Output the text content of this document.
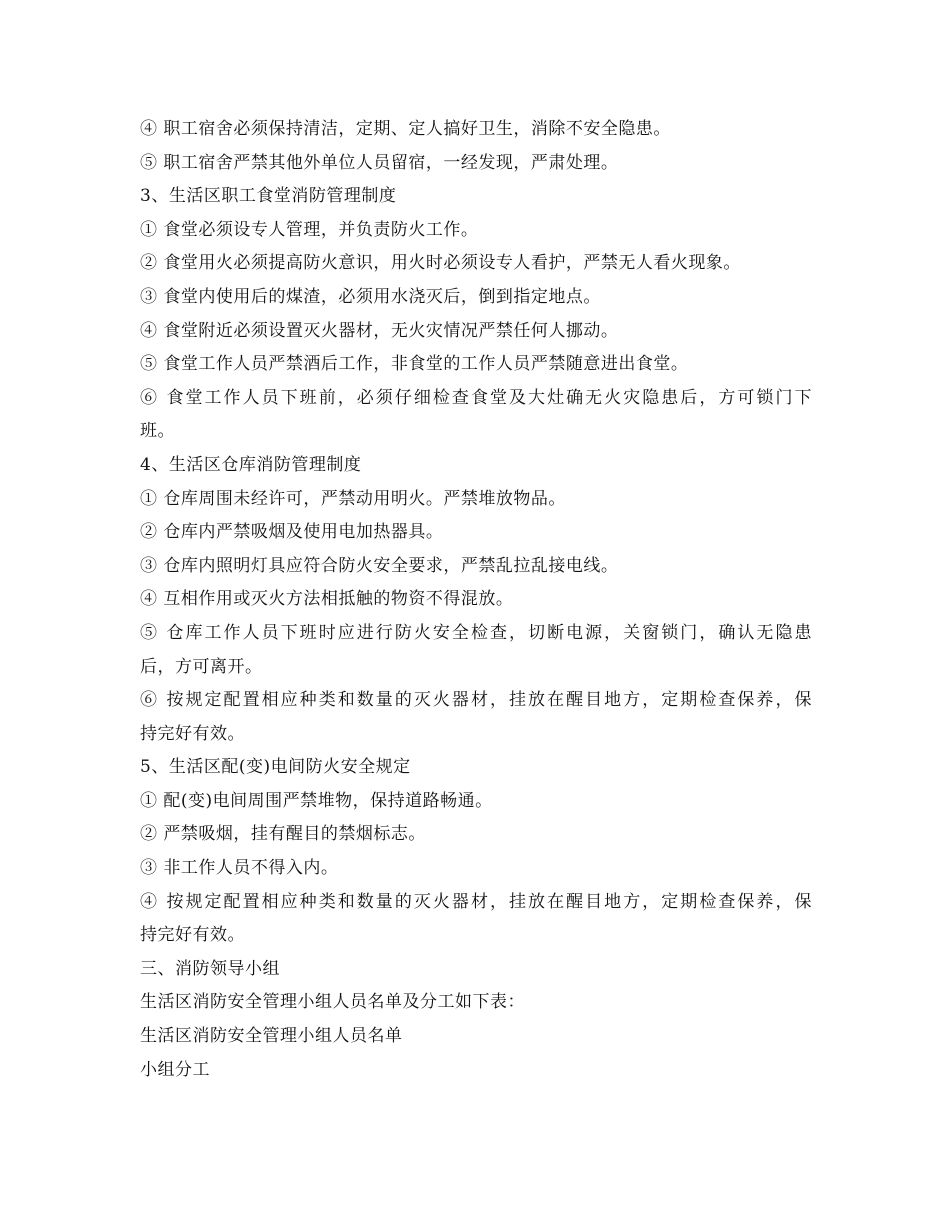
④ 职工宿舍必须保持清洁，定期、定人搞好卫生，消除不安全隐患。
⑤ 职工宿舍严禁其他外单位人员留宿，一经发现，严肃处理。
3、生活区职工食堂消防管理制度
① 食堂必须设专人管理，并负责防火工作。
② 食堂用火必须提高防火意识，用火时必须设专人看护，严禁无人看火现象。
③ 食堂内使用后的煤渣，必须用水浇灭后，倒到指定地点。
④ 食堂附近必须设置灭火器材，无火灾情况严禁任何人挪动。
⑤ 食堂工作人员严禁酒后工作，非食堂的工作人员严禁随意进出食堂。
⑥ 食堂工作人员下班前，必须仔细检查食堂及大灶确无火灾隐患后，方可锁门下
班。
4、生活区仓库消防管理制度
① 仓库周围未经许可，严禁动用明火。严禁堆放物品。
② 仓库内严禁吸烟及使用电加热器具。
③ 仓库内照明灯具应符合防火安全要求，严禁乱拉乱接电线。
④ 互相作用或灭火方法相抵触的物资不得混放。
⑤ 仓库工作人员下班时应进行防火安全检查，切断电源，关窗锁门，确认无隐患
后，方可离开。
⑥ 按规定配置相应种类和数量的灭火器材，挂放在醒目地方，定期检查保养，保
持完好有效。
5、生活区配(变)电间防火安全规定
① 配(变)电间周围严禁堆物，保持道路畅通。
② 严禁吸烟，挂有醒目的禁烟标志。
③ 非工作人员不得入内。
④ 按规定配置相应种类和数量的灭火器材，挂放在醒目地方，定期检查保养，保
持完好有效。
三、消防领导小组
生活区消防安全管理小组人员名单及分工如下表：
生活区消防安全管理小组人员名单
小组分工
